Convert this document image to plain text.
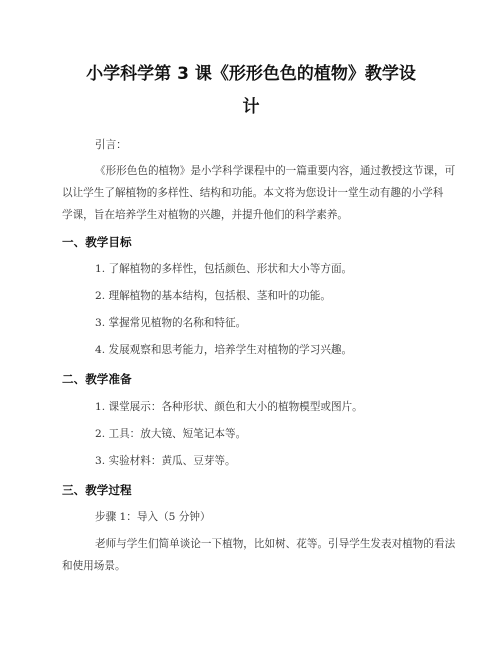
小学科学第 3 课《形形色色的植物》教学设
计
引言：
《形形色色的植物》是小学科学课程中的一篇重要内容，通过教授这节课，可
以让学生了解植物的多样性、结构和功能。本文将为您设计一堂生动有趣的小学科
学课，旨在培养学生对植物的兴趣，并提升他们的科学素养。
一、教学目标
1. 了解植物的多样性，包括颜色、形状和大小等方面。
2. 理解植物的基本结构，包括根、茎和叶的功能。
3. 掌握常见植物的名称和特征。
4. 发展观察和思考能力，培养学生对植物的学习兴趣。
二、教学准备
1. 课堂展示：各种形状、颜色和大小的植物模型或图片。
2. 工具：放大镜、短笔记本等。
3. 实验材料：黄瓜、豆芽等。
三、教学过程
步骤 1：导入（5 分钟）
老师与学生们简单谈论一下植物，比如树、花等。引导学生发表对植物的看法
和使用场景。
